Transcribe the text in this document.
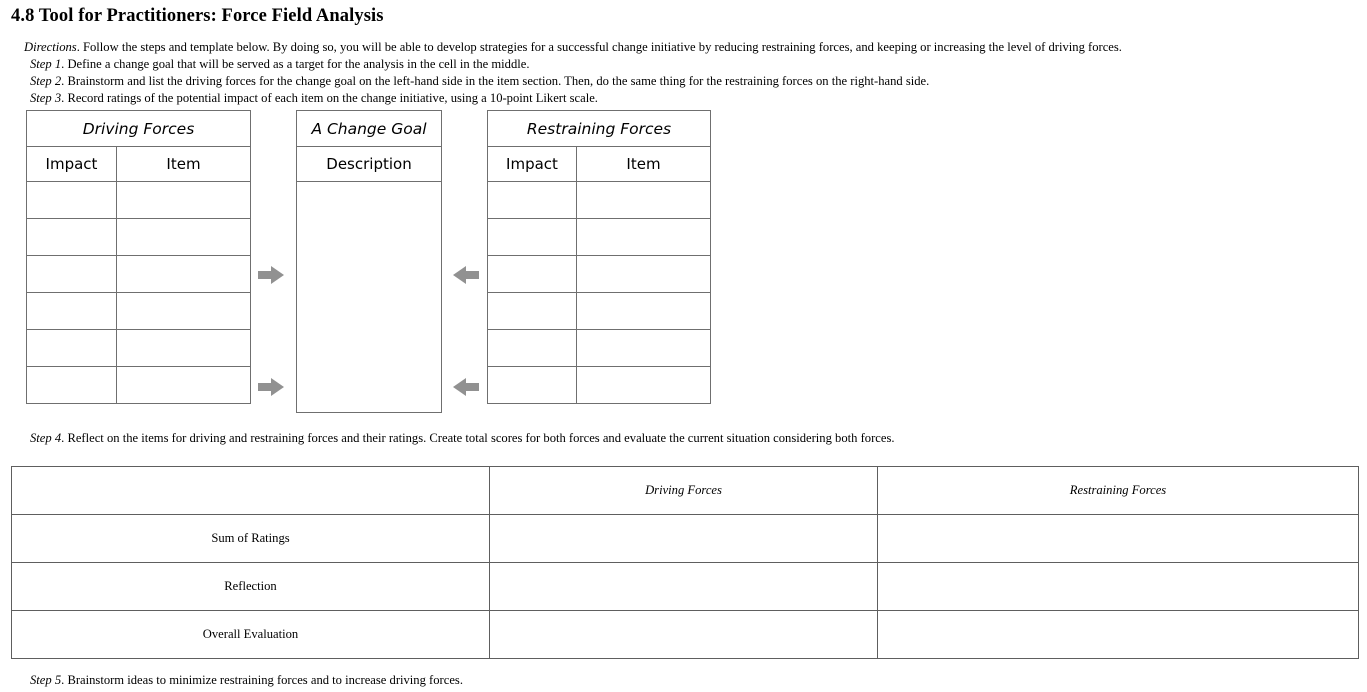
4.8 Tool for Practitioners: Force Field Analysis
Directions. Follow the steps and template below. By doing so, you will be able to develop strategies for a successful change initiative by reducing restraining forces, and keeping or increasing the level of driving forces.
Step 1. Define a change goal that will be served as a target for the analysis in the cell in the middle.
Step 2. Brainstorm and list the driving forces for the change goal on the left-hand side in the item section. Then, do the same thing for the restraining forces on the right-hand side.
Step 3. Record ratings of the potential impact of each item on the change initiative, using a 10-point Likert scale.
Driving Forces	
Impact	Item

A Change Goal
Description

Restraining Forces	
Impact	Item

Step 4. Reflect on the items for driving and restraining forces and their ratings. Create total scores for both forces and evaluate the current situation considering both forces.
	Driving Forces	Restraining Forces
Sum of Ratings		
Reflection		
Overall Evaluation		
Step 5. Brainstorm ideas to minimize restraining forces and to increase driving forces.
